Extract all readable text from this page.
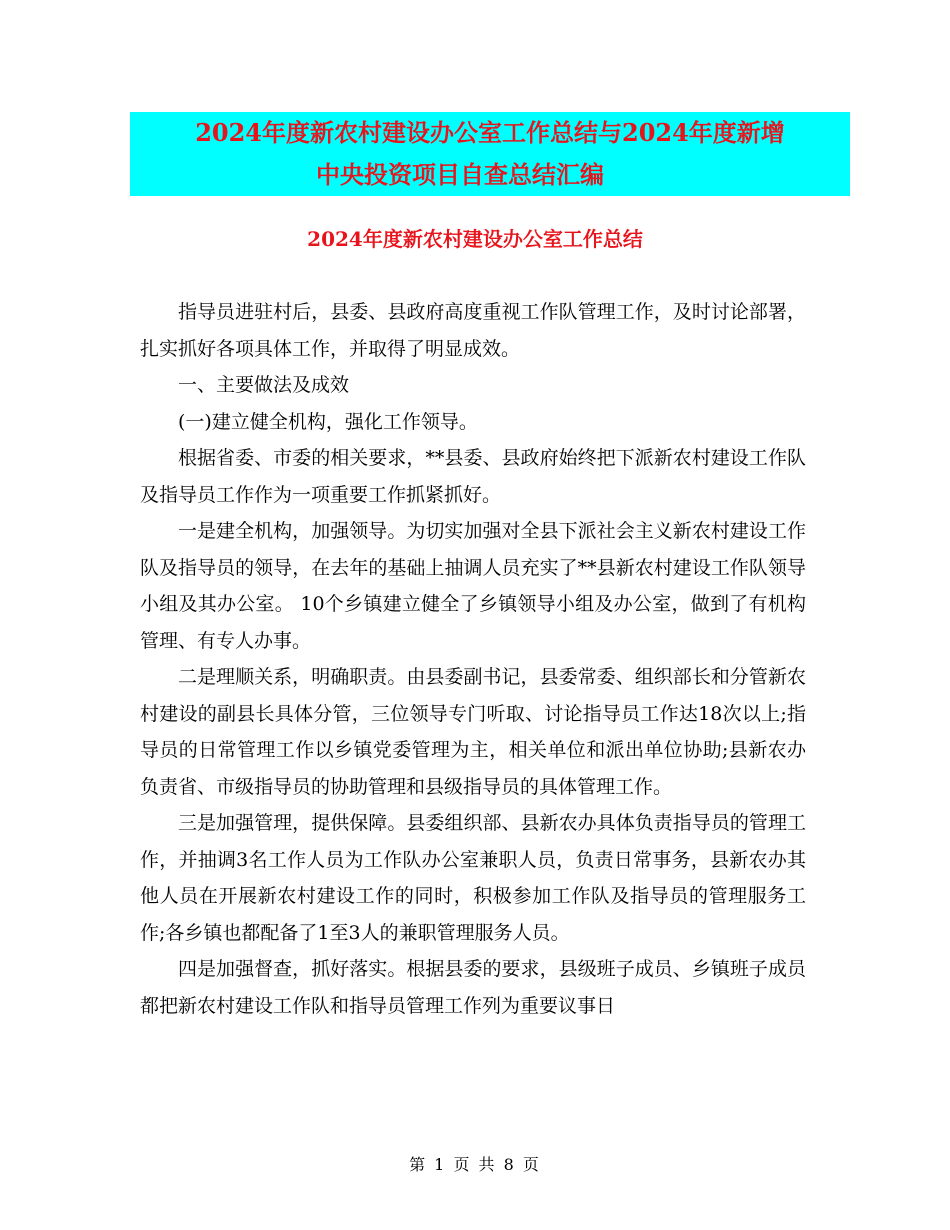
2024年度新农村建设办公室工作总结与2024年度新增
中央投资项目自查总结汇编
2024年度新农村建设办公室工作总结

指导员进驻村后，县委、县政府高度重视工作队管理工作，及时讨论部署，扎实抓好各项具体工作，并取得了明显成效。

一、主要做法及成效

(一)建立健全机构，强化工作领导。

根据省委、市委的相关要求，**县委、县政府始终把下派新农村建设工作队及指导员工作作为一项重要工作抓紧抓好。

一是建全机构，加强领导。为切实加强对全县下派社会主义新农村建设工作队及指导员的领导，在去年的基础上抽调人员充实了**县新农村建设工作队领导小组及其办公室。 10个乡镇建立健全了乡镇领导小组及办公室，做到了有机构管理、有专人办事。

二是理顺关系，明确职责。由县委副书记，县委常委、组织部长和分管新农村建设的副县长具体分管，三位领导专门听取、讨论指导员工作达18次以上;指导员的日常管理工作以乡镇党委管理为主，相关单位和派出单位协助;县新农办负责省、市级指导员的协助管理和县级指导员的具体管理工作。

三是加强管理，提供保障。县委组织部、县新农办具体负责指导员的管理工作，并抽调3名工作人员为工作队办公室兼职人员，负责日常事务，县新农办其他人员在开展新农村建设工作的同时，积极参加工作队及指导员的管理服务工作;各乡镇也都配备了1至3人的兼职管理服务人员。

四是加强督查，抓好落实。根据县委的要求，县级班子成员、乡镇班子成员都把新农村建设工作队和指导员管理工作列为重要议事日

第 1 页 共 8 页
